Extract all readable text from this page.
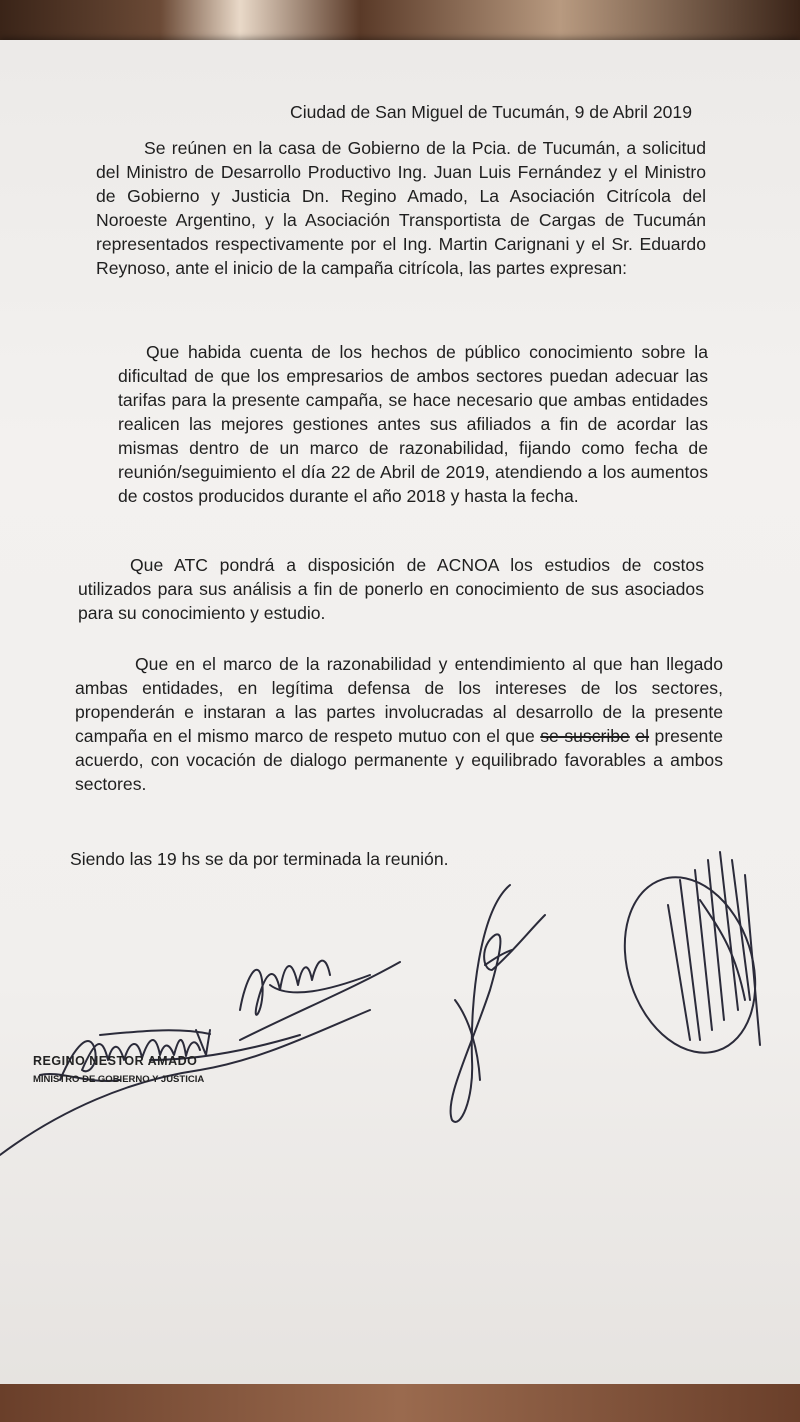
Ciudad de San Miguel de Tucumán, 9 de Abril 2019

Se reúnen en la casa de Gobierno de la Pcia. de Tucumán, a solicitud del Ministro de Desarrollo Productivo Ing. Juan Luis Fernández y el Ministro de Gobierno y Justicia Dn. Regino Amado, La Asociación Citrícola del Noroeste Argentino, y la Asociación Transportista de Cargas de Tucumán representados respectivamente por el Ing. Martin Carignani y el Sr. Eduardo Reynoso, ante el inicio de la campaña citrícola, las partes expresan:

Que habida cuenta de los hechos de público conocimiento sobre la dificultad de que los empresarios de ambos sectores puedan adecuar las tarifas para la presente campaña, se hace necesario que ambas entidades realicen las mejores gestiones antes sus afiliados a fin de acordar las mismas dentro de un marco de razonabilidad, fijando como fecha de reunión/seguimiento el día 22 de Abril de 2019, atendiendo a los aumentos de costos producidos durante el año 2018 y hasta la fecha.

Que ATC pondrá a disposición de ACNOA los estudios de costos utilizados para sus análisis a fin de ponerlo en conocimiento de sus asociados para su conocimiento y estudio.

Que en el marco de la razonabilidad y entendimiento al que han llegado ambas entidades, en legítima defensa de los intereses de los sectores, propenderán e instaran a las partes involucradas al desarrollo de la presente campaña en el mismo marco de respeto mutuo con el que se suscribe el presente acuerdo, con vocación de dialogo permanente y equilibrado favorables a ambos sectores.

Siendo las 19 hs se da por terminada la reunión.

REGINO NESTOR AMADO

MINISTRO DE GOBIERNO Y JUSTICIA
